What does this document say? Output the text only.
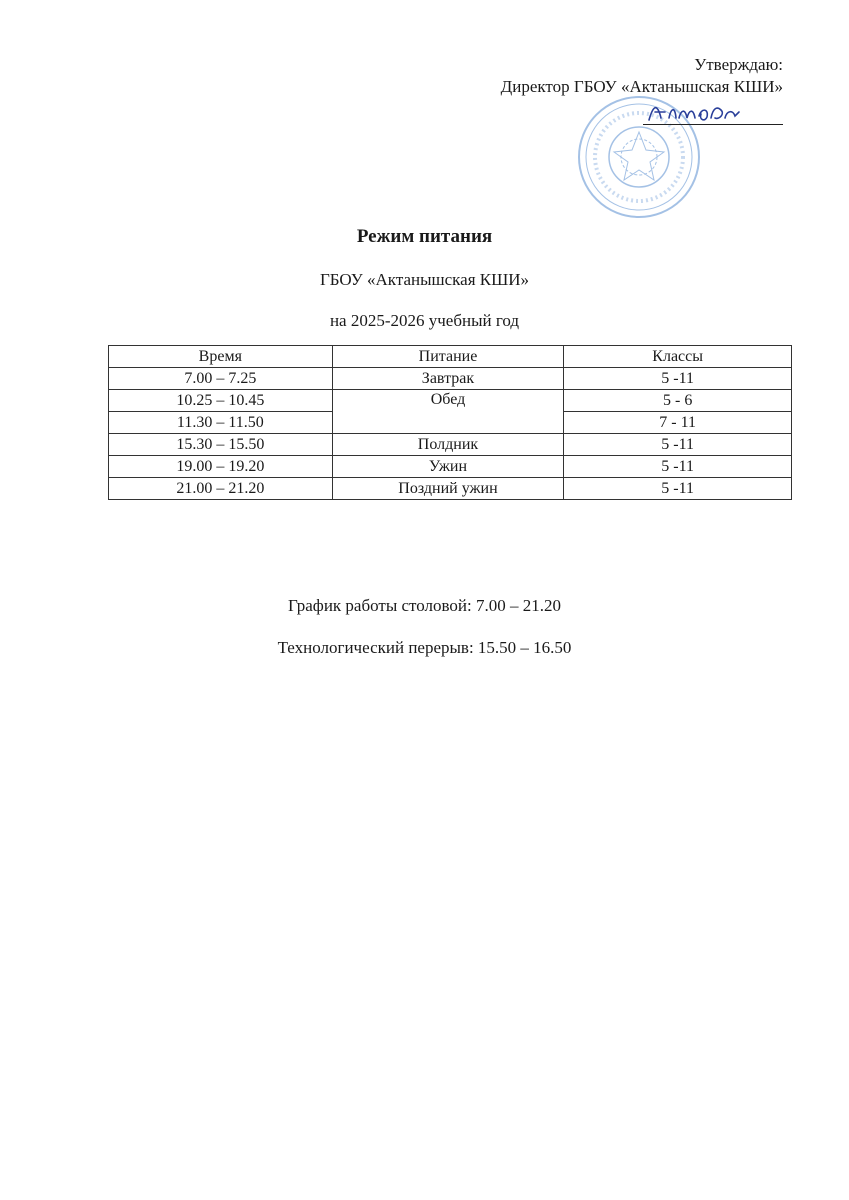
Утверждаю:
Директор ГБОУ «Актанышская КШИ»
Режим питания
ГБОУ «Актанышская КШИ»
на 2025-2026 учебный год
Время	Питание	Классы
7.00 – 7.25	Завтрак	5 -11
10.25 – 10.45	Обед	5 - 6
11.30 – 11.50		7 - 11
15.30 – 15.50	Полдник	5 -11
19.00 – 19.20	Ужин	5 -11
21.00 – 21.20	Поздний ужин	5 -11
График работы столовой: 7.00 – 21.20
Технологический перерыв: 15.50 – 16.50
